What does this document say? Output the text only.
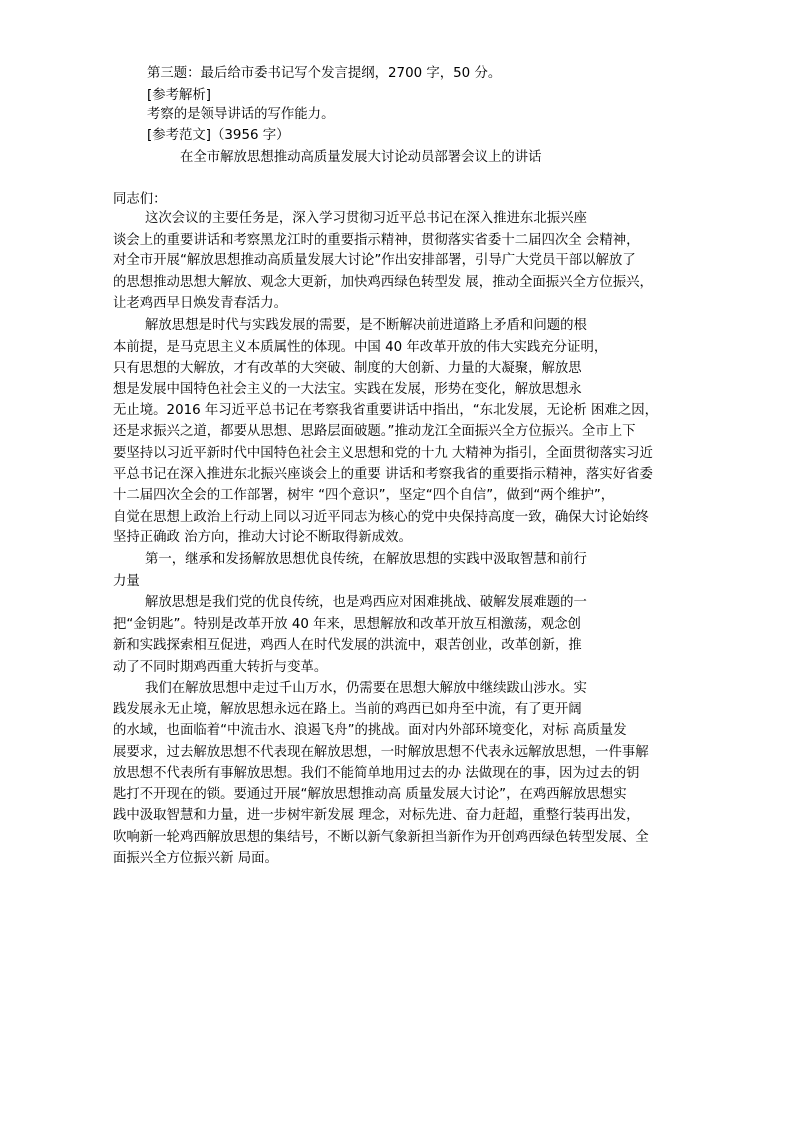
第三题：最后给市委书记写个发言提纲，2700 字，50 分。
[参考解析]
考察的是领导讲话的写作能力。
[参考范文]（3956 字）
在全市解放思想推动高质量发展大讨论动员部署会议上的讲话
同志们：
这次会议的主要任务是，深入学习贯彻习近平总书记在深入推进东北振兴座
谈会上的重要讲话和考察黑龙江时的重要指示精神，贯彻落实省委十二届四次全 会精神，
对全市开展“解放思想推动高质量发展大讨论”作出安排部署，引导广大党员干部以解放了
的思想推动思想大解放、观念大更新，加快鸡西绿色转型发 展，推动全面振兴全方位振兴，
让老鸡西早日焕发青春活力。
解放思想是时代与实践发展的需要，是不断解决前进道路上矛盾和问题的根
本前提，是马克思主义本质属性的体现。中国 40 年改革开放的伟大实践充分证明，
只有思想的大解放，才有改革的大突破、制度的大创新、力量的大凝聚，解放思
想是发展中国特色社会主义的一大法宝。实践在发展，形势在变化，解放思想永
无止境。2016 年习近平总书记在考察我省重要讲话中指出，“东北发展，无论析 困难之因，
还是求振兴之道，都要从思想、思路层面破题。”推动龙江全面振兴全方位振兴。全市上下
要坚持以习近平新时代中国特色社会主义思想和党的十九 大精神为指引，全面贯彻落实习近
平总书记在深入推进东北振兴座谈会上的重要 讲话和考察我省的重要指示精神，落实好省委
十二届四次全会的工作部署，树牢 “四个意识”，坚定“四个自信”，做到“两个维护”，
自觉在思想上政治上行动上同以习近平同志为核心的党中央保持高度一致，确保大讨论始终
坚持正确政 治方向，推动大讨论不断取得新成效。
第一，继承和发扬解放思想优良传统，在解放思想的实践中汲取智慧和前行
力量
解放思想是我们党的优良传统，也是鸡西应对困难挑战、破解发展难题的一
把“金钥匙”。特别是改革开放 40 年来，思想解放和改革开放互相激荡，观念创
新和实践探索相互促进，鸡西人在时代发展的洪流中，艰苦创业，改革创新，推
动了不同时期鸡西重大转折与变革。
我们在解放思想中走过千山万水，仍需要在思想大解放中继续跋山涉水。实
践发展永无止境，解放思想永远在路上。当前的鸡西已如舟至中流，有了更开阔
的水域，也面临着“中流击水、浪遏飞舟”的挑战。面对内外部环境变化，对标 高质量发
展要求，过去解放思想不代表现在解放思想，一时解放思想不代表永远解放思想，一件事解
放思想不代表所有事解放思想。我们不能简单地用过去的办 法做现在的事，因为过去的钥
匙打不开现在的锁。要通过开展“解放思想推动高 质量发展大讨论”，在鸡西解放思想实
践中汲取智慧和力量，进一步树牢新发展 理念，对标先进、奋力赶超，重整行装再出发，
吹响新一轮鸡西解放思想的集结号，不断以新气象新担当新作为开创鸡西绿色转型发展、全
面振兴全方位振兴新 局面。
